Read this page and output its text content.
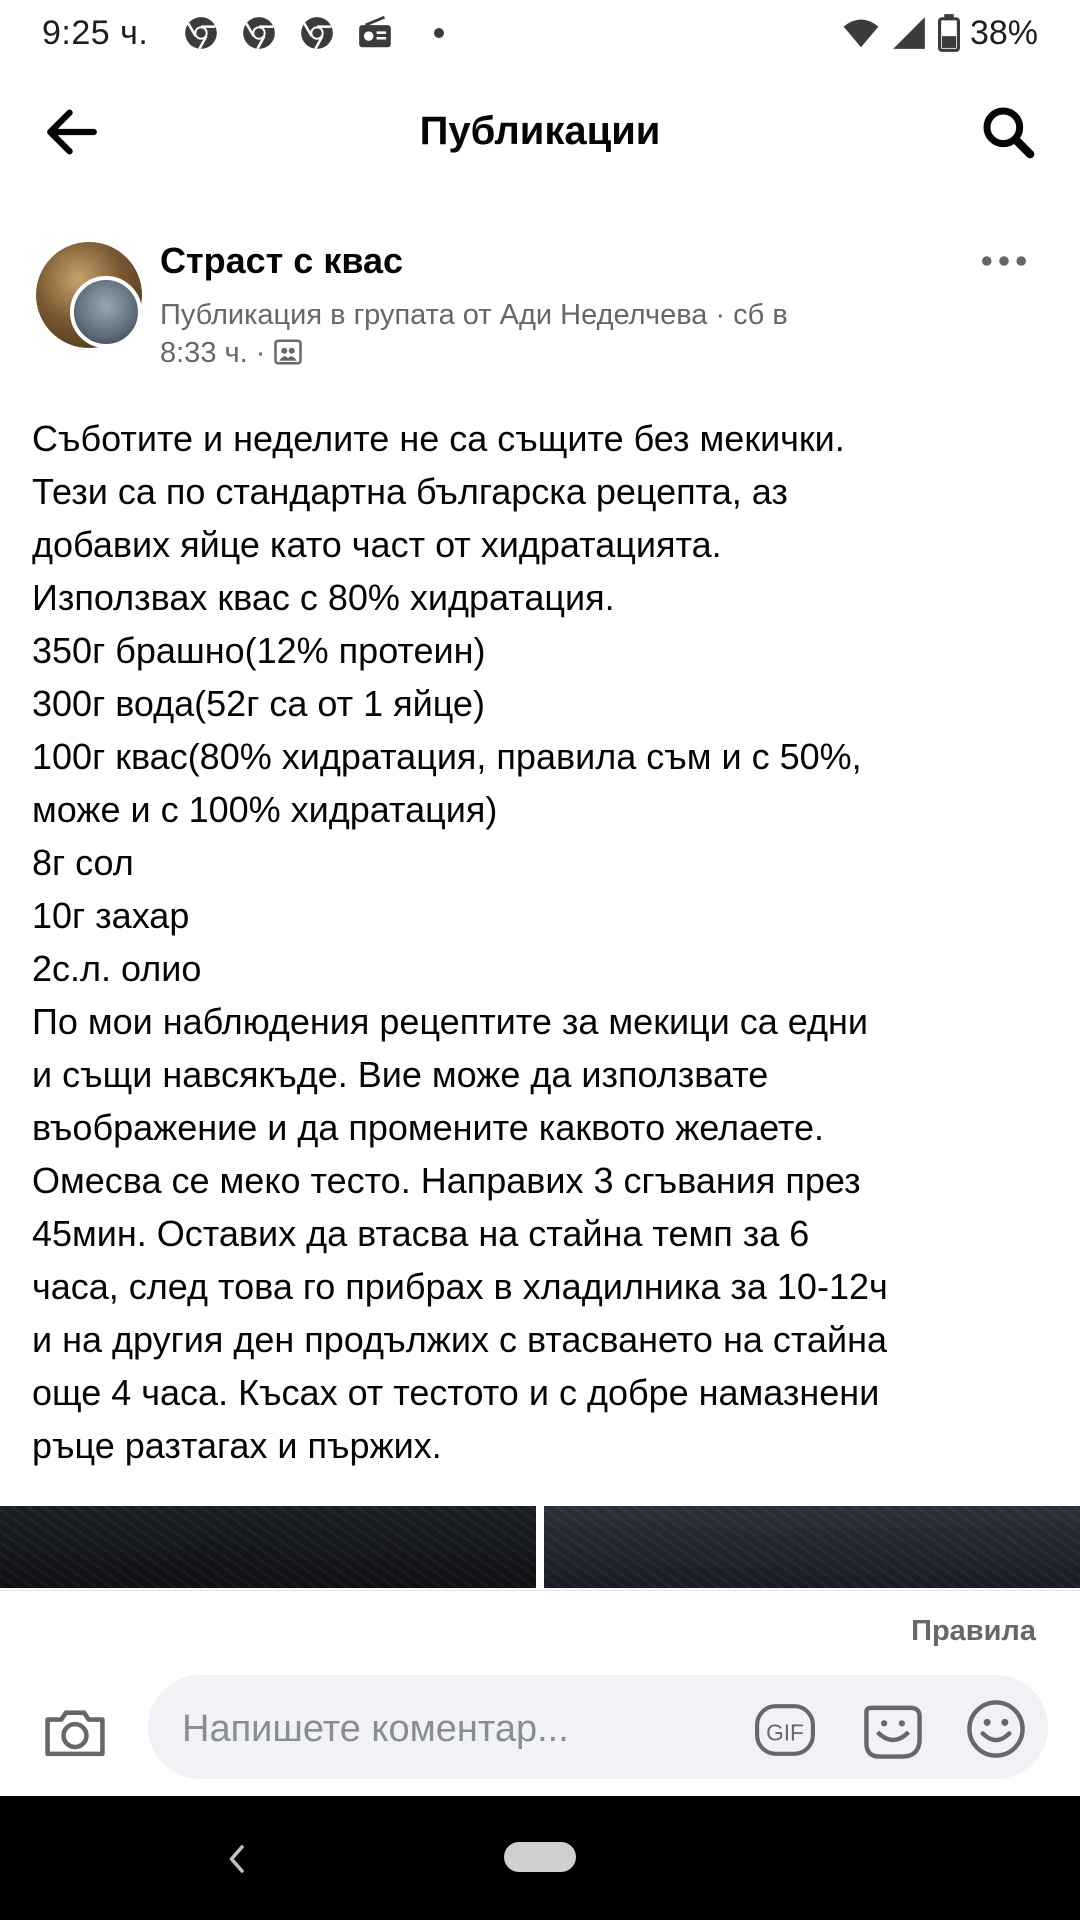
9:25 ч.	38%
Публикации
Страст с квас
Публикация в групата от Ади Неделчева · сб в
8:33 ч. ·
Съботите и неделите не са същите без мекички.
Тези са по стандартна българска рецепта, аз
добавих яйце като част от хидратацията.
Използвах квас с 80% хидратация.
350г брашно(12% протеин)
300г вода(52г са от 1 яйце)
100г квас(80% хидратация, правила съм и с 50%,
може и с 100% хидратация)
8г сол
10г захар
2с.л. олио
По мои наблюдения рецептите за мекици са едни
и същи навсякъде. Вие може да използвате
въображение и да промените каквото желаете.
Омесва се меко тесто. Направих 3 сгъвания през
45мин. Оставих да втасва на стайна темп за 6
часа, след това го прибрах в хладилника за 10-12ч
и на другия ден продължих с втасването на стайна
още 4 часа. Късах от тестото и с добре намазнени
ръце разтагах и пържих.
Правила
Напишете коментар...	GIF
